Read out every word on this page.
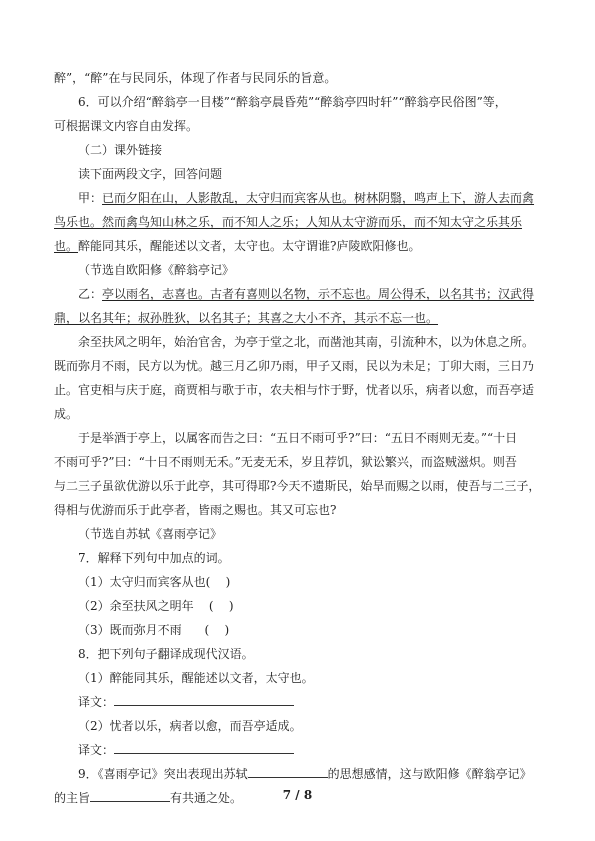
醉”，“醉”在与民同乐，体现了作者与民同乐的旨意。

6．可以介绍“醉翁亭一目楼”“醉翁亭晨昏苑”“醉翁亭四时轩”“醉翁亭民俗图”等，

可根据课文内容自由发挥。

（二）课外链接

读下面两段文字，回答问题

甲：已而夕阳在山，人影散乱，太守归而宾客从也。树林阴翳，鸣声上下，游人去而禽

鸟乐也。然而禽鸟知山林之乐，而不知人之乐；人知从太守游而乐，而不知太守之乐其乐

也。醉能同其乐，醒能述以文者，太守也。太守谓谁?庐陵欧阳修也。

（节选自欧阳修《醉翁亭记》

乙：亭以雨名，志喜也。古者有喜则以名物，示不忘也。周公得禾，以名其书；汉武得

鼎，以名其年；叔孙胜狄，以名其子；其喜之大小不齐，其示不忘一也。

余至扶风之明年，始治官舍，为亭于堂之北，而凿池其南，引流种木，以为休息之所。

既而弥月不雨，民方以为忧。越三月乙卯乃雨，甲子又雨，民以为未足；丁卯大雨，三日乃

止。官吏相与庆于庭，商贾相与歌于市，农夫相与忭于野，忧者以乐，病者以愈，而吾亭适

成。

于是举酒于亭上，以属客而告之曰：“五日不雨可乎?”曰：“五日不雨则无麦。”“十日

不雨可乎?”曰：“十日不雨则无禾。”无麦无禾，岁且荐饥，狱讼繁兴，而盗贼滋炽。则吾

与二三子虽欲优游以乐于此亭，其可得耶?今天不遗斯民，始旱而赐之以雨，使吾与二三子，

得相与优游而乐于此亭者，皆雨之赐也。其又可忘也?

（节选自苏轼《喜雨亭记》

7．解释下列句中加点的词。

（1）太守归而宾客从也(    )

（2）余至扶风之明年    (    )

（3）既而弥月不雨      (    )

8．把下列句子翻译成现代汉语。

（1）醉能同其乐，醒能述以文者，太守也。

译文：

（2）忧者以乐，病者以愈，而吾亭适成。

译文：

9．《喜雨亭记》突出表现出苏轼	的思想感情，这与欧阳修《醉翁亭记》

的主旨	有共通之处。	7 / 8
